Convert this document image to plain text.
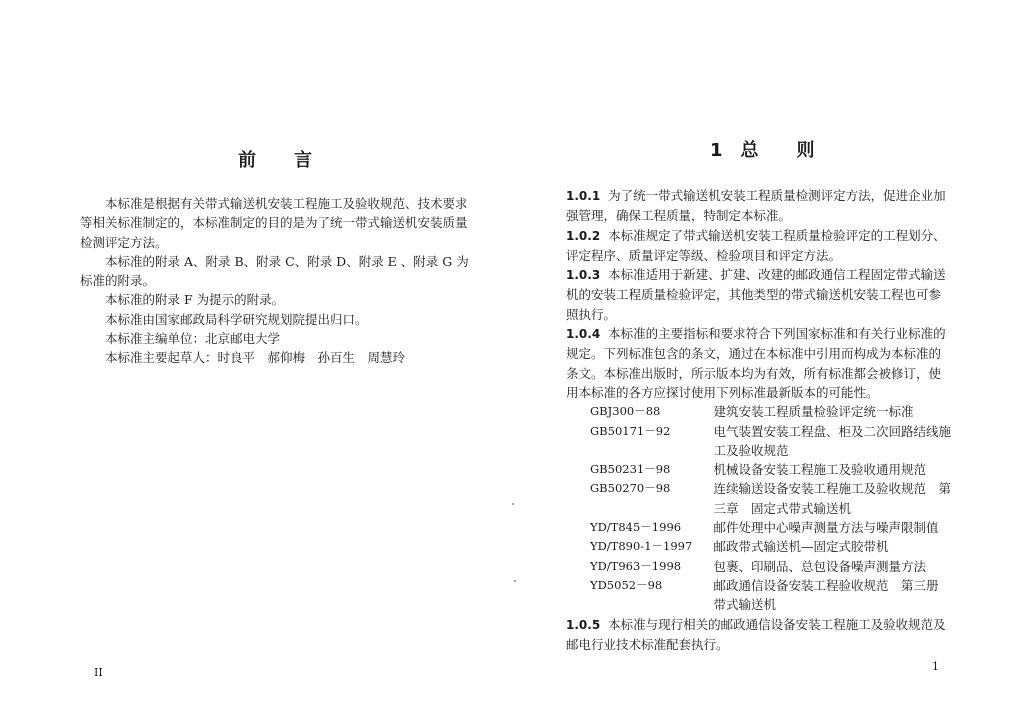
前 言

本标准是根据有关带式输送机安装工程施工及验收规范、技术要求等相关标准制定的，本标准制定的目的是为了统一带式输送机安装质量检测评定方法。

本标准的附录 A、附录 B、附录 C、附录 D、附录 E 、附录 G 为标准的附录。

本标准的附录 F 为提示的附录。

本标准由国家邮政局科学研究规划院提出归口。

本标准主编单位：北京邮电大学

本标准主要起草人：时良平　郝仰梅　孙百生　周慧玲

II
1 总 则

1.0.1 为了统一带式输送机安装工程质量检测评定方法，促进企业加强管理，确保工程质量，特制定本标准。

1.0.2 本标准规定了带式输送机安装工程质量检验评定的工程划分、评定程序、质量评定等级、检验项目和评定方法。

1.0.3 本标准适用于新建、扩建、改建的邮政通信工程固定带式输送机的安装工程质量检验评定，其他类型的带式输送机安装工程也可参照执行。

1.0.4 本标准的主要指标和要求符合下列国家标准和有关行业标准的规定。下列标准包含的条文，通过在本标准中引用而构成为本标准的条文。本标准出版时，所示版本均为有效，所有标准都会被修订，使用本标准的各方应探讨使用下列标准最新版本的可能性。

GBJ300－88	建筑安装工程质量检验评定统一标准
GB50171－92	电气装置安装工程盘、柜及二次回路结线施工及验收规范
GB50231－98	机械设备安装工程施工及验收通用规范
GB50270－98	连续输送设备安装工程施工及验收规范　第三章　固定式带式输送机
YD/T845－1996	邮件处理中心噪声测量方法与噪声限制值
YD/T890-1－1997	邮政带式输送机—固定式胶带机
YD/T963－1998	包裹、印刷品、总包设备噪声测量方法
YD5052－98	邮政通信设备安装工程验收规范　第三册　带式输送机

1.0.5 本标准与现行相关的邮政通信设备安装工程施工及验收规范及邮电行业技术标准配套执行。

1
